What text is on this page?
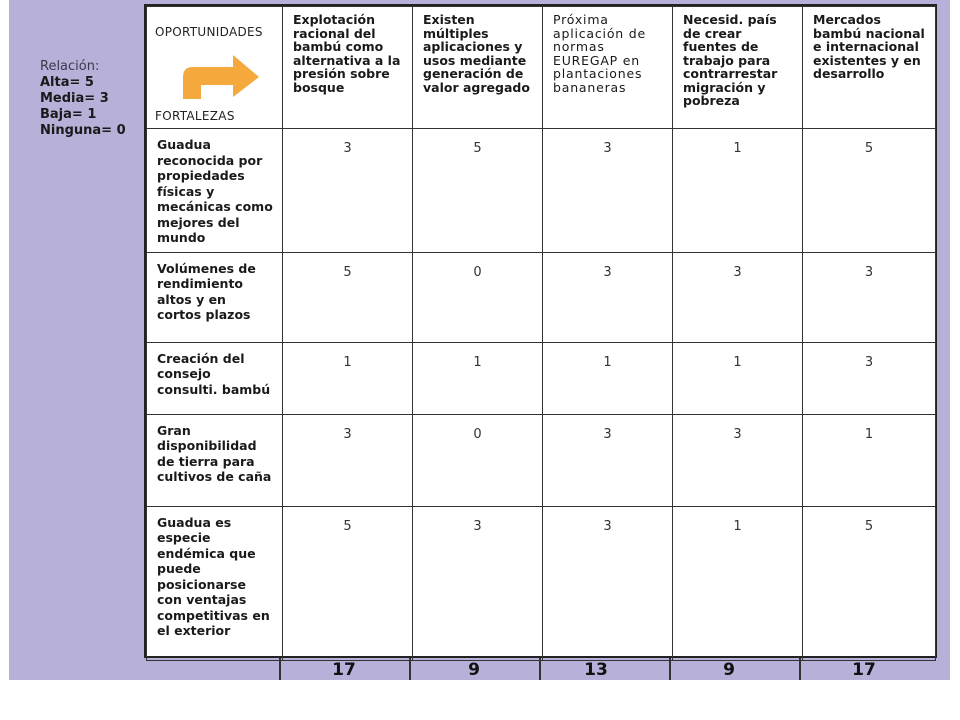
Relación:
Alta= 5
Media= 3
Baja= 1
Ninguna= 0
OPORTUNIDADES
FORTALEZAS	Explotación racional del bambú como alternativa a la presión sobre bosque	Existen múltiples aplicaciones y usos mediante generación de valor agregado	Próxima aplicación de normas EUREGAP en plantaciones bananeras	Necesid. país de crear fuentes de trabajo para contrarrestar migración y pobreza	Mercados bambú nacional e internacional existentes y en desarrollo
Guadua reconocida por propiedades físicas y mecánicas como mejores del mundo	3	5	3	1	5
Volúmenes de rendimiento altos y en cortos plazos	5	0	3	3	3
Creación del consejo consulti. bambú	1	1	1	1	3
Gran disponibilidad de tierra para cultivos de caña	3	0	3	3	1
Guadua es especie endémica que puede posicionarse con ventajas competitivas en el exterior	5	3	3	1	5
17	9	13	9	17
